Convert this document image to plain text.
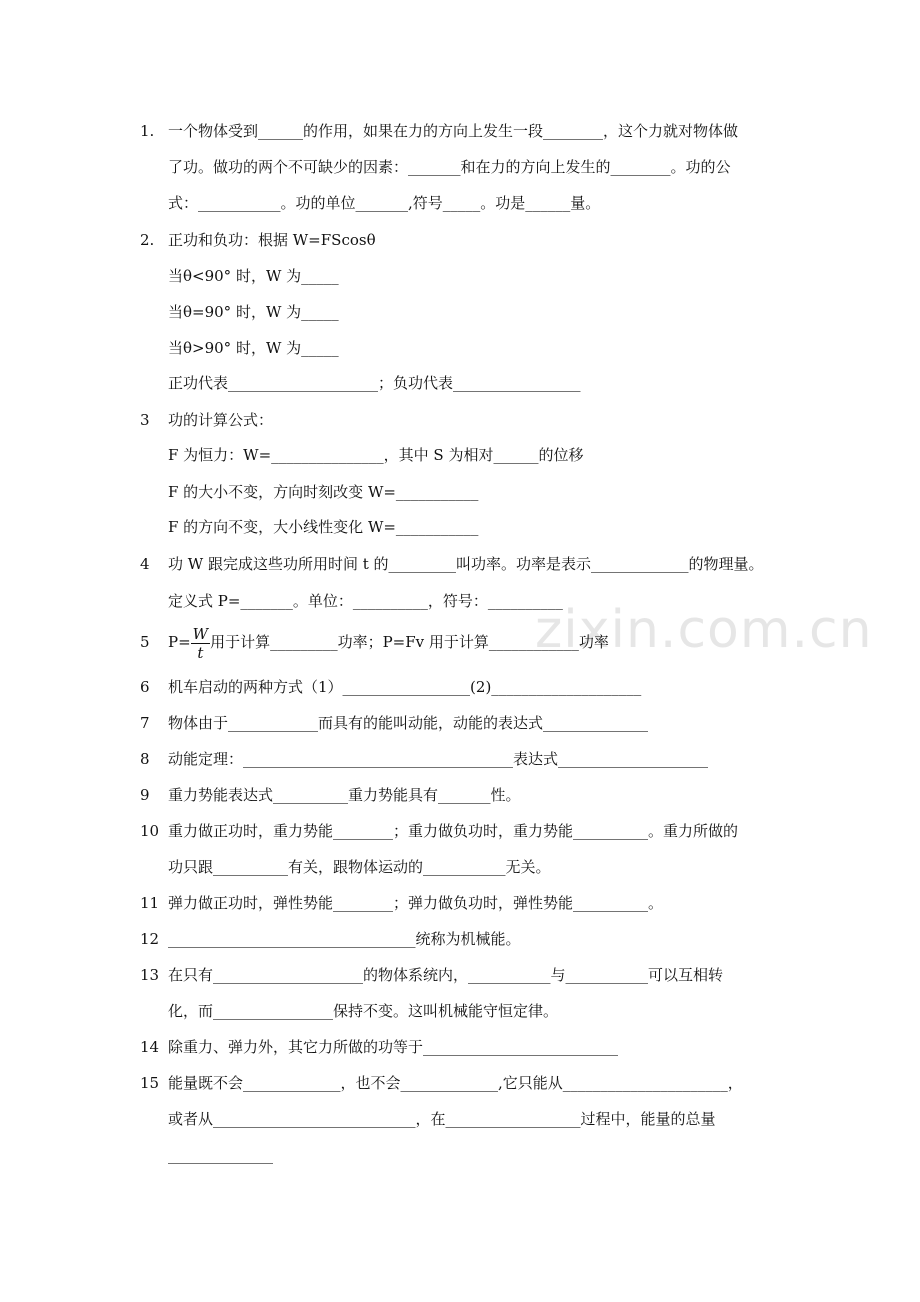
zixin.com.cn
1. 一个物体受到______的作用，如果在力的方向上发生一段________，这个力就对物体做
了功。做功的两个不可缺少的因素：_______和在力的方向上发生的________。功的公
式：___________。功的单位_______,符号_____。功是______量。
2. 正功和负功：根据 W=FScosθ
当θ<90° 时，W 为_____
当θ=90° 时，W 为_____
当θ>90° 时，W 为_____
正功代表____________________；负功代表_________________
3 功的计算公式：
F 为恒力：W=_______________，其中 S 为相对______的位移
F 的大小不变，方向时刻改变 W=___________
F 的方向不变，大小线性变化 W=___________
4 功 W 跟完成这些功所用时间 t 的_________叫功率。功率是表示_____________的物理量。
定义式 P=_______。单位：__________，符号：__________
5 $P= \frac{W}{t}$ 用于计算_________功率；P=Fv 用于计算____________功率
6 机车启动的两种方式（1）_________________(2)____________________
7 物体由于____________而具有的能叫动能，动能的表达式______________
8 动能定理：____________________________________表达式____________________
9 重力势能表达式__________重力势能具有_______性。
10 重力做正功时，重力势能________；重力做负功时，重力势能__________。重力所做的
功只跟__________有关，跟物体运动的___________无关。
11 弹力做正功时，弹性势能________；弹力做负功时，弹性势能__________。
12 _________________________________统称为机械能。
13 在只有____________________的物体系统内，___________与___________可以互相转
化，而________________保持不变。这叫机械能守恒定律。
14 除重力、弹力外，其它力所做的功等于__________________________
15 能量既不会_____________，也不会_____________,它只能从______________________，
或者从___________________________，在__________________过程中，能量的总量
______________
